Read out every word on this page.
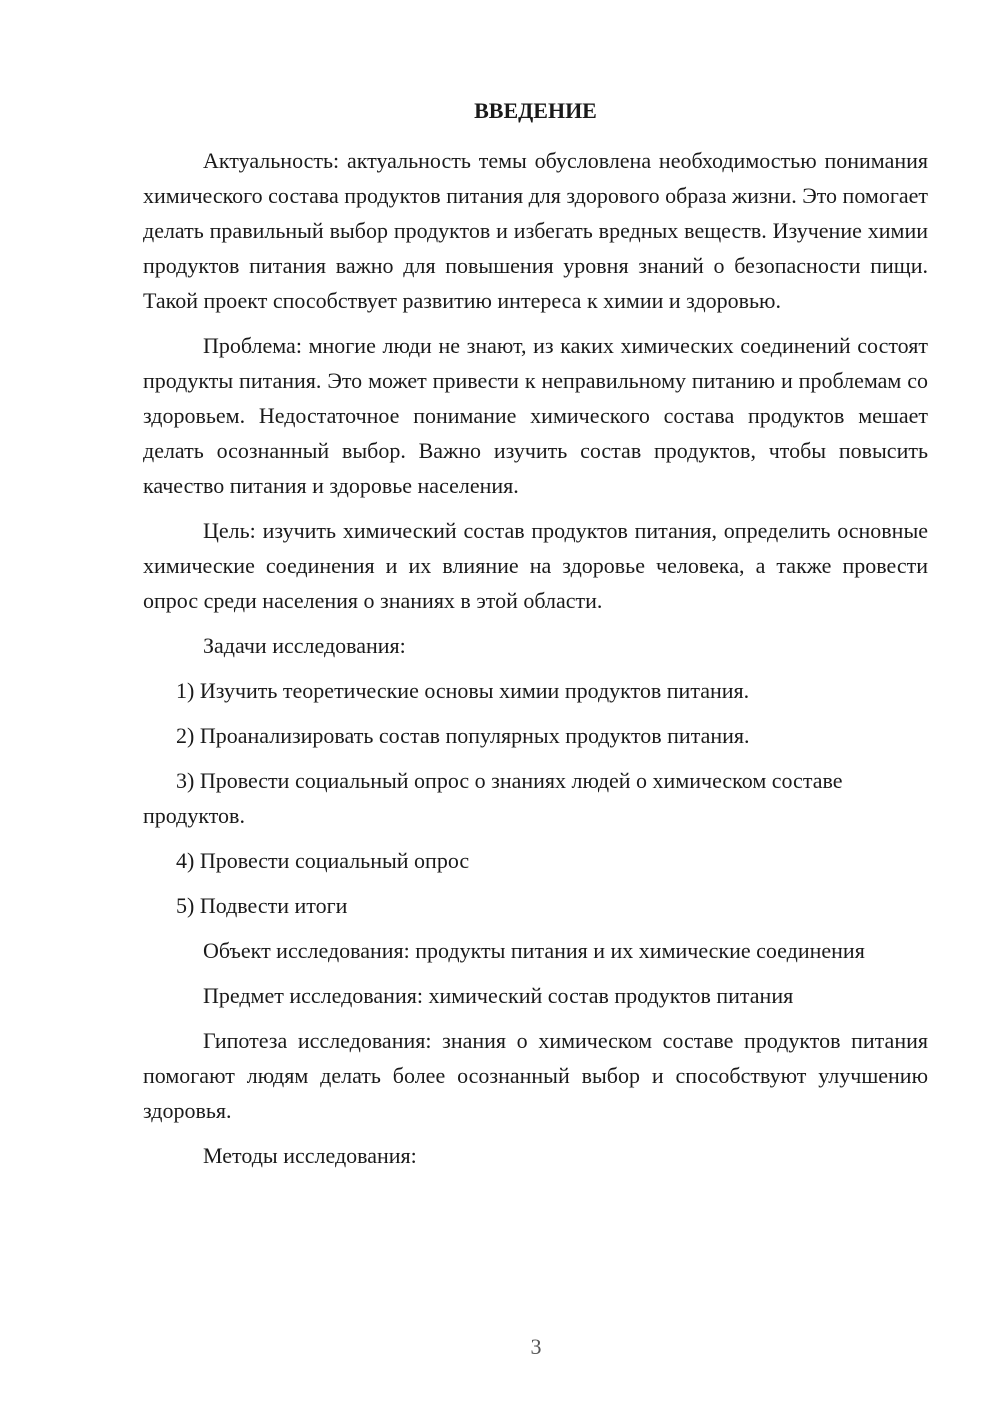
ВВЕДЕНИЕ

Актуальность: актуальность темы обусловлена необходимостью понимания химического состава продуктов питания для здорового образа жизни. Это помогает делать правильный выбор продуктов и избегать вредных веществ. Изучение химии продуктов питания важно для повышения уровня знаний о безопасности пищи. Такой проект способствует развитию интереса к химии и здоровью.

Проблема: многие люди не знают, из каких химических соединений состоят продукты питания. Это может привести к неправильному питанию и проблемам со здоровьем. Недостаточное понимание химического состава продуктов мешает делать осознанный выбор. Важно изучить состав продуктов, чтобы повысить качество питания и здоровье населения.

Цель: изучить химический состав продуктов питания, определить основные химические соединения и их влияние на здоровье человека, а также провести опрос среди населения о знаниях в этой области.

Задачи исследования:

1) Изучить теоретические основы химии продуктов питания.

2) Проанализировать состав популярных продуктов питания.

3) Провести социальный опрос о знаниях людей о химическом составе продуктов.

4) Провести социальный опрос

5) Подвести итоги

Объект исследования: продукты питания и их химические соединения

Предмет исследования: химический состав продуктов питания

Гипотеза исследования: знания о химическом составе продуктов питания помогают людям делать более осознанный выбор и способствуют улучшению здоровья.

Методы исследования:

3
